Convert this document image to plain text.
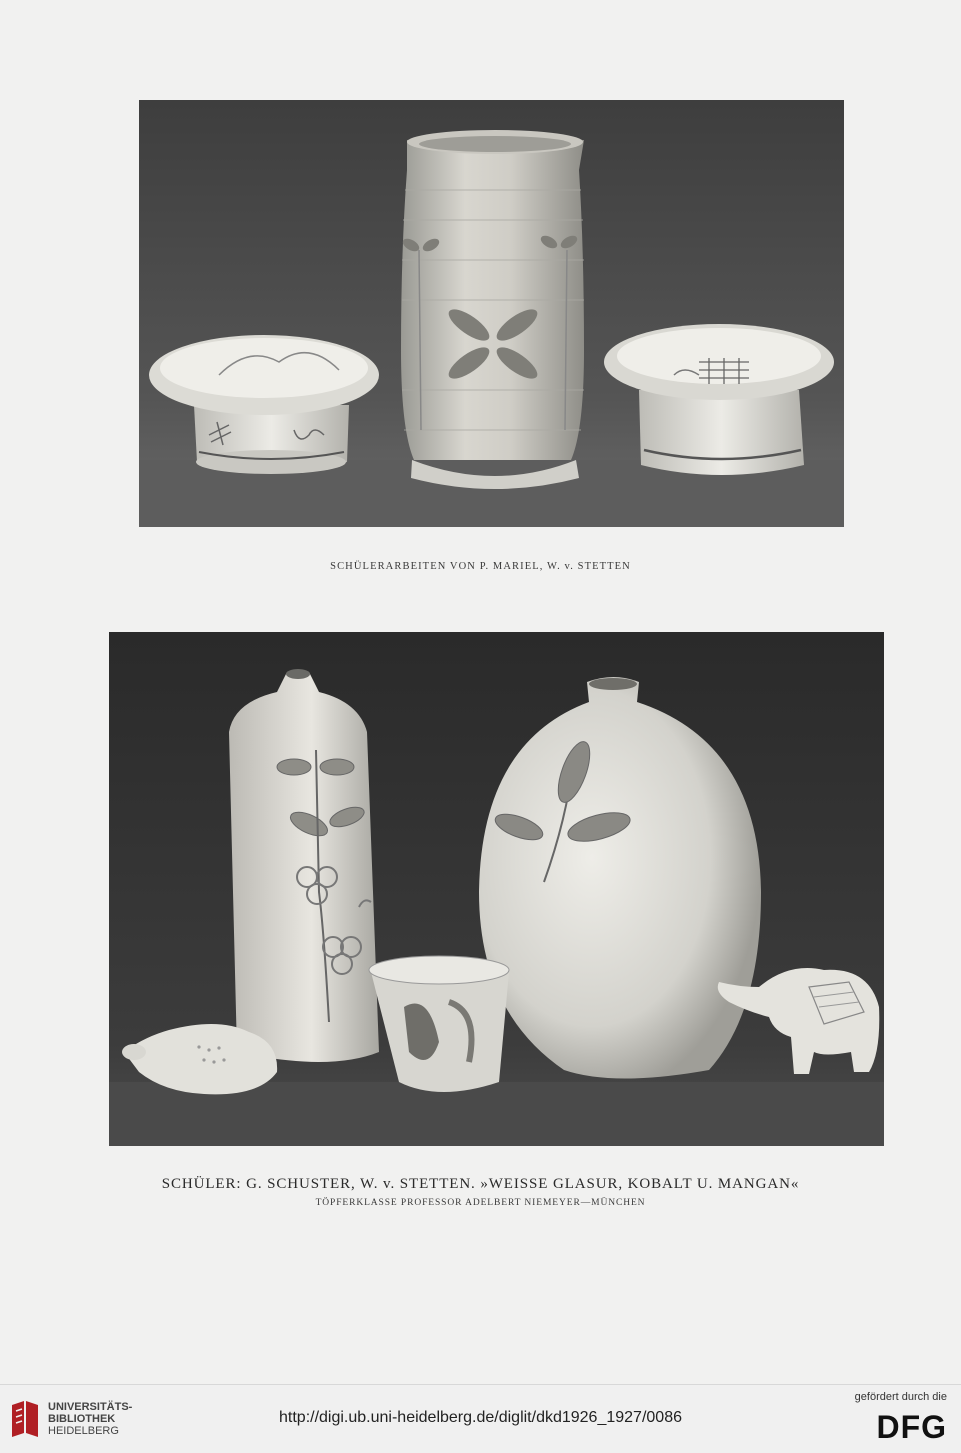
SCHÜLERARBEITEN VON P. MARIEL, W. v. STETTEN
SCHÜLER: G. SCHUSTER, W. v. STETTEN. »WEISSE GLASUR, KOBALT U. MANGAN«
TÖPFERKLASSE PROFESSOR ADELBERT NIEMEYER—MÜNCHEN
UNIVERSITÄTS-
BIBLIOTHEK
HEIDELBERG
http://digi.ub.uni-heidelberg.de/diglit/dkd1926_1927/0086
gefördert durch die
DFG
